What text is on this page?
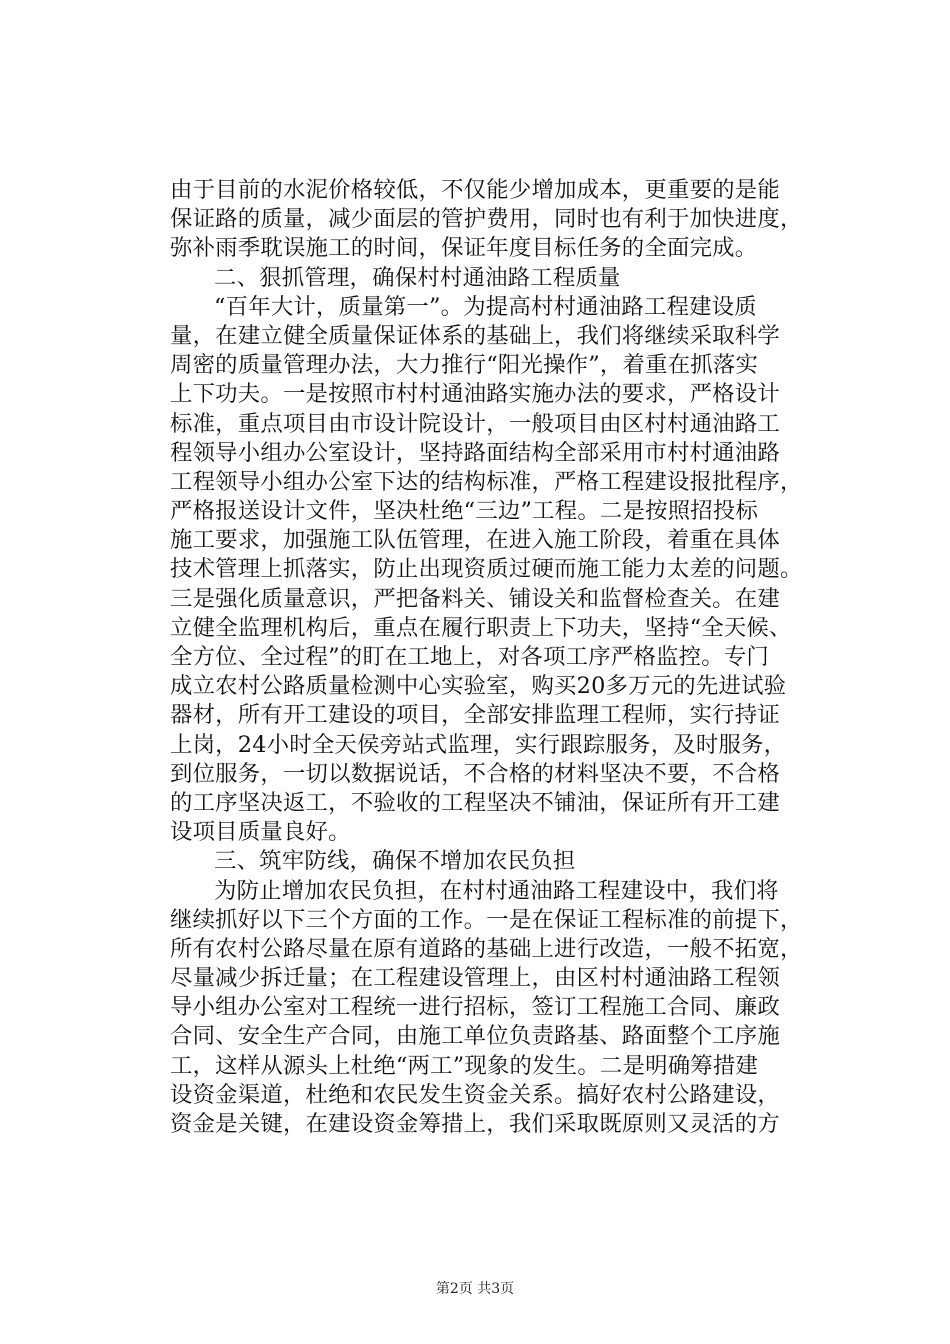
由于目前的水泥价格较低，不仅能少增加成本，更重要的是能
保证路的质量，减少面层的管护费用，同时也有利于加快进度，
弥补雨季耽误施工的时间，保证年度目标任务的全面完成。
二、狠抓管理，确保村村通油路工程质量
“百年大计，质量第一”。为提高村村通油路工程建设质
量，在建立健全质量保证体系的基础上，我们将继续采取科学
周密的质量管理办法，大力推行“阳光操作”，着重在抓落实
上下功夫。一是按照市村村通油路实施办法的要求，严格设计
标准，重点项目由市设计院设计，一般项目由区村村通油路工
程领导小组办公室设计，坚持路面结构全部采用市村村通油路
工程领导小组办公室下达的结构标准，严格工程建设报批程序，
严格报送设计文件，坚决杜绝“三边”工程。二是按照招投标
施工要求，加强施工队伍管理，在进入施工阶段，着重在具体
技术管理上抓落实，防止出现资质过硬而施工能力太差的问题。
三是强化质量意识，严把备料关、铺设关和监督检查关。在建
立健全监理机构后，重点在履行职责上下功夫，坚持“全天候、
全方位、全过程”的盯在工地上，对各项工序严格监控。专门
成立农村公路质量检测中心实验室，购买20多万元的先进试验
器材，所有开工建设的项目，全部安排监理工程师，实行持证
上岗，24小时全天侯旁站式监理，实行跟踪服务，及时服务，
到位服务，一切以数据说话，不合格的材料坚决不要，不合格
的工序坚决返工，不验收的工程坚决不铺油，保证所有开工建
设项目质量良好。
三、筑牢防线，确保不增加农民负担
为防止增加农民负担，在村村通油路工程建设中，我们将
继续抓好以下三个方面的工作。一是在保证工程标准的前提下，
所有农村公路尽量在原有道路的基础上进行改造，一般不拓宽，
尽量减少拆迁量；在工程建设管理上，由区村村通油路工程领
导小组办公室对工程统一进行招标，签订工程施工合同、廉政
合同、安全生产合同，由施工单位负责路基、路面整个工序施
工，这样从源头上杜绝“两工”现象的发生。二是明确筹措建
设资金渠道，杜绝和农民发生资金关系。搞好农村公路建设，
资金是关键，在建设资金筹措上，我们采取既原则又灵活的方
第2页 共3页
